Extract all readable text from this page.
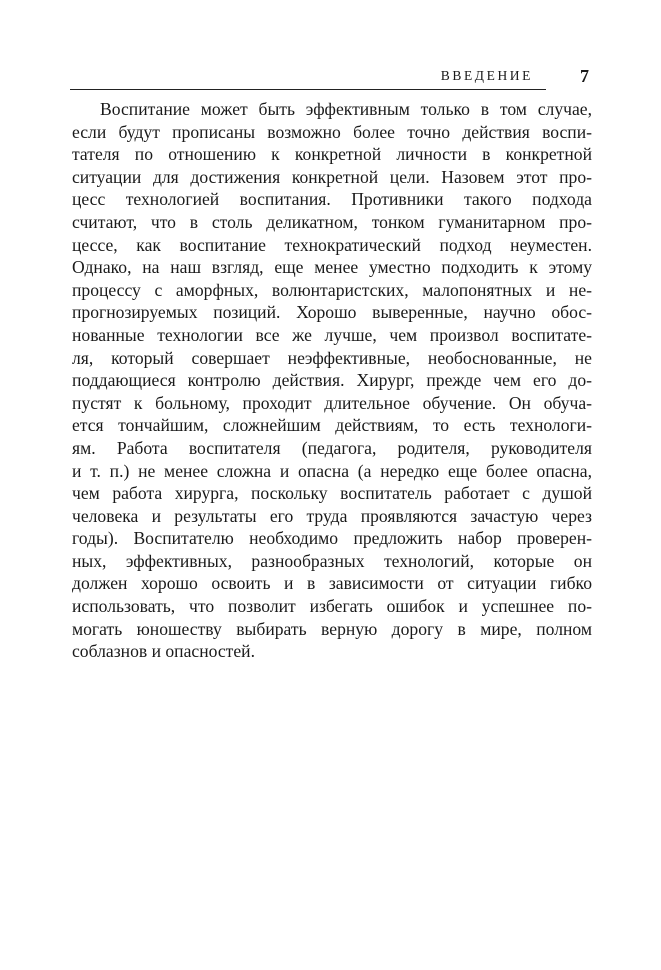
ВВЕДЕНИЕ	7
Воспитание может быть эффективным только в том случае,
если будут прописаны возможно более точно действия воспи-
тателя по отношению к конкретной личности в конкретной
ситуации для достижения конкретной цели. Назовем этот про-
цесс технологией воспитания. Противники такого подхода
считают, что в столь деликатном, тонком гуманитарном про-
цессе, как воспитание технократический подход неуместен.
Однако, на наш взгляд, еще менее уместно подходить к этому
процессу с аморфных, волюнтаристских, малопонятных и не-
прогнозируемых позиций. Хорошо выверенные, научно обос-
нованные технологии все же лучше, чем произвол воспитате-
ля, который совершает неэффективные, необоснованные, не
поддающиеся контролю действия. Хирург, прежде чем его до-
пустят к больному, проходит длительное обучение. Он обуча-
ется тончайшим, сложнейшим действиям, то есть технологи-
ям. Работа воспитателя (педагога, родителя, руководителя
и т. п.) не менее сложна и опасна (а нередко еще более опасна,
чем работа хирурга, поскольку воспитатель работает с душой
человека и результаты его труда проявляются зачастую через
годы). Воспитателю необходимо предложить набор проверен-
ных, эффективных, разнообразных технологий, которые он
должен хорошо освоить и в зависимости от ситуации гибко
использовать, что позволит избегать ошибок и успешнее по-
могать юношеству выбирать верную дорогу в мире, полном
соблазнов и опасностей.
